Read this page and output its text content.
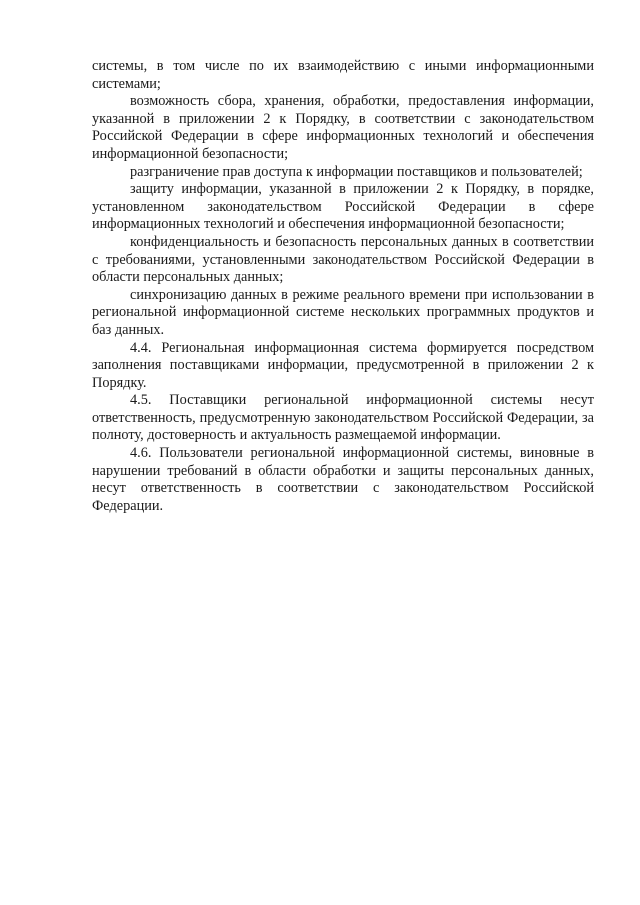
системы, в том числе по их взаимодействию с иными информационными системами;

возможность сбора, хранения, обработки, предоставления информации, указанной в приложении 2 к Порядку, в соответствии с законодательством Российской Федерации в сфере информационных технологий и обеспечения информационной безопасности;

разграничение прав доступа к информации поставщиков и пользователей;

защиту информации, указанной в приложении 2 к Порядку, в порядке, установленном законодательством Российской Федерации в сфере информационных технологий и обеспечения информационной безопасности;

конфиденциальность и безопасность персональных данных в соответствии с требованиями, установленными законодательством Российской Федерации в области персональных данных;

синхронизацию данных в режиме реального времени при использовании в региональной информационной системе нескольких программных продуктов и баз данных.

4.4. Региональная информационная система формируется посредством заполнения поставщиками информации, предусмотренной в приложении 2 к Порядку.

4.5. Поставщики региональной информационной системы несут ответственность, предусмотренную законодательством Российской Федерации, за полноту, достоверность и актуальность размещаемой информации.

4.6. Пользователи региональной информационной системы, виновные в нарушении требований в области обработки и защиты персональных данных, несут ответственность в соответствии с законодательством Российской Федерации.
